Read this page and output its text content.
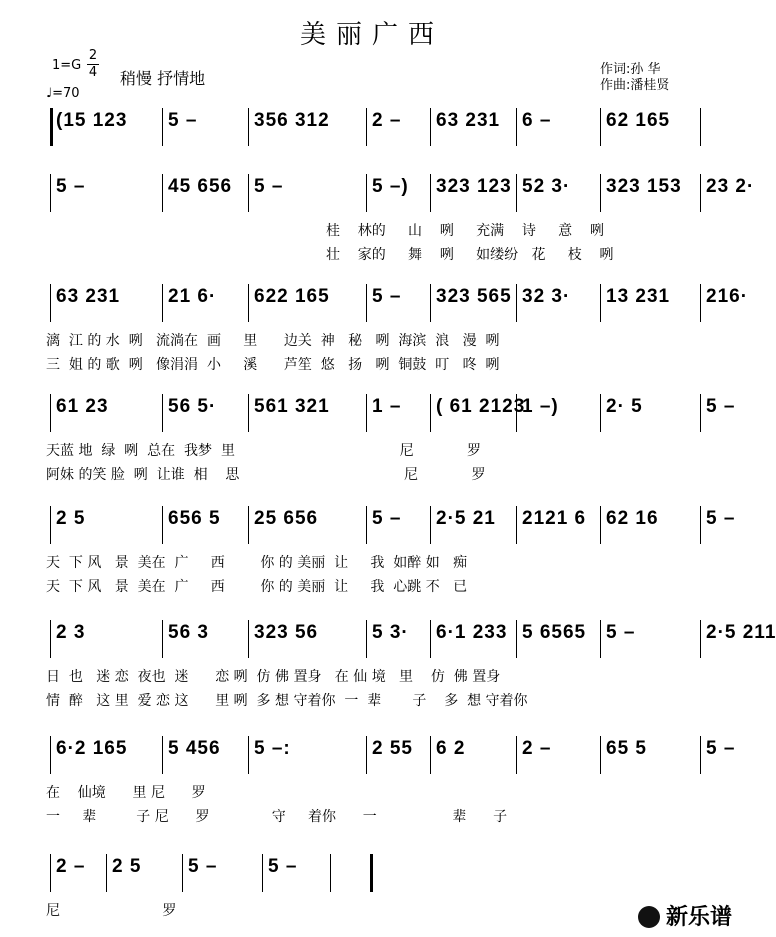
美丽广西
1=G
2
4
♩=70
稍慢 抒情地	作词:孙 华
作曲:潘桂贤
(15 123 5 –	356 312 2 – 63 231 6 –	62 165
5 –	45 656 5 –	5 –) 323 123 52 3· 323 153 23 2·
桂    林的     山    咧     充满    诗     意    咧
壮    家的     舞    咧     如缕纷   花     枝    咧
63 231	21 6· 622 165 5 – 323 565 32 3· 13 231 216·
漓  江 的 水  咧   流淌在  画     里      边关  神   秘   咧  海滨  浪   漫  咧
三  姐 的 歌  咧   像涓涓  小     溪      芦笙  悠   扬   咧  铜鼓  叮   咚  咧
61 23	56 5· 561 321 1 – ( 61 2123
1 –) 2· 5	5 –
天蓝 地  绿  咧  总在  我梦  里                                     尼            罗
阿妹 的笑 脸  咧  让谁  相    思                                     尼            罗
2 5	656 5 25 656	5 – 2·5 21 2121 6 62 16 5 –
天  下 风   景  美在  广     西        你 的 美丽  让     我  如醉 如   痴
天  下 风   景  美在  广     西        你 的 美丽  让     我  心跳 不   已
2 3	56 3 323 56	5 3· 6·1 233 5 6565 5 –	2·5 211
日  也   迷 恋  夜也  迷      恋 咧  仿 佛 置身   在 仙 境   里    仿  佛 置身
情  醉   这 里  爱 恋 这      里 咧  多 想 守着你  一  辈       子    多  想 守着你
6·2 165 5 456 5 –:	2 55 6 2	2 –	65 5	5 –
在    仙境      里 尼      罗
一     辈         子 尼      罗              守     着你      一                 辈      子
2 – 2 5 5 –	5 –
尼                       罗	新乐谱
